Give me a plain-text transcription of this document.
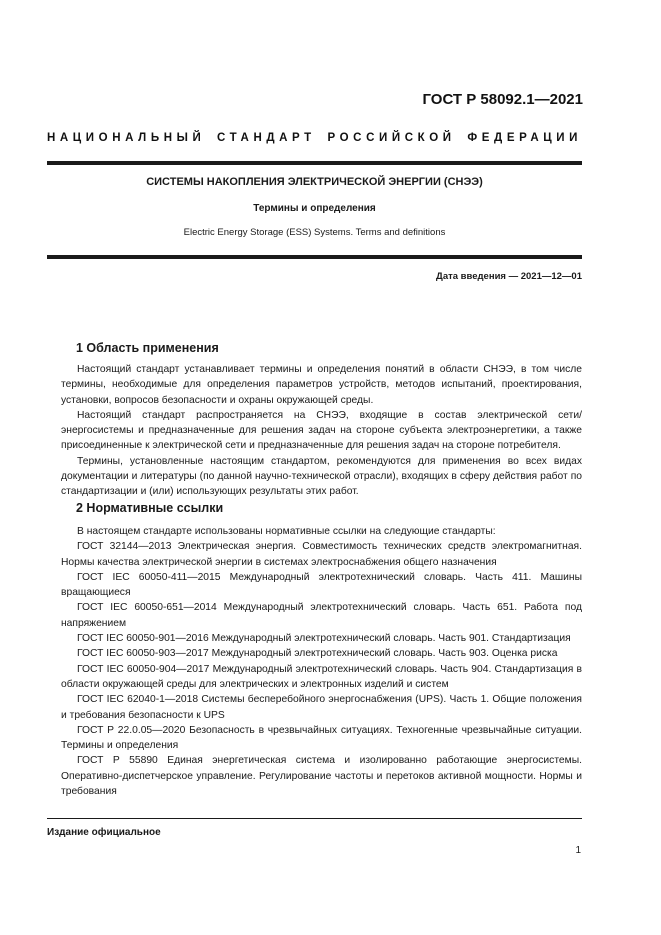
ГОСТ Р 58092.1—2021
НАЦИОНАЛЬНЫЙ СТАНДАРТ РОССИЙСКОЙ ФЕДЕРАЦИИ
СИСТЕМЫ НАКОПЛЕНИЯ ЭЛЕКТРИЧЕСКОЙ ЭНЕРГИИ (СНЭЭ)
Термины и определения
Electric Energy Storage (ESS) Systems. Terms and definitions
Дата введения — 2021—12—01
1 Область применения

Настоящий стандарт устанавливает термины и определения понятий в области СНЭЭ, в том числе термины, необходимые для определения параметров устройств, методов испытаний, проектирования, установки, вопросов безопасности и охраны окружающей среды.

Настоящий стандарт распространяется на СНЭЭ, входящие в состав электрической сети/энергосистемы и предназначенные для решения задач на стороне субъекта электроэнергетики, а также присоединенные к электрической сети и предназначенные для решения задач на стороне потребителя.

Термины, установленные настоящим стандартом, рекомендуются для применения во всех видах документации и литературы (по данной научно-технической отрасли), входящих в сферу действия работ по стандартизации и (или) использующих результаты этих работ.

2 Нормативные ссылки

В настоящем стандарте использованы нормативные ссылки на следующие стандарты:

ГОСТ 32144—2013 Электрическая энергия. Совместимость технических средств электромагнитная. Нормы качества электрической энергии в системах электроснабжения общего назначения

ГОСТ IEC 60050-411—2015 Международный электротехнический словарь. Часть 411. Машины вращающиеся

ГОСТ IEC 60050-651—2014 Международный электротехнический словарь. Часть 651. Работа под напряжением

ГОСТ IEC 60050-901—2016 Международный электротехнический словарь. Часть 901. Стандартизация

ГОСТ IEC 60050-903—2017 Международный электротехнический словарь. Часть 903. Оценка риска

ГОСТ IEC 60050-904—2017 Международный электротехнический словарь. Часть 904. Стандартизация в области окружающей среды для электрических и электронных изделий и систем

ГОСТ IEC 62040-1—2018 Системы бесперебойного энергоснабжения (UPS). Часть 1. Общие положения и требования безопасности к UPS

ГОСТ Р 22.0.05—2020 Безопасность в чрезвычайных ситуациях. Техногенные чрезвычайные ситуации. Термины и определения

ГОСТ Р 55890 Единая энергетическая система и изолированно работающие энергосистемы. Оперативно-диспетчерское управление. Регулирование частоты и перетоков активной мощности. Нормы и требования

Издание официальное
1
